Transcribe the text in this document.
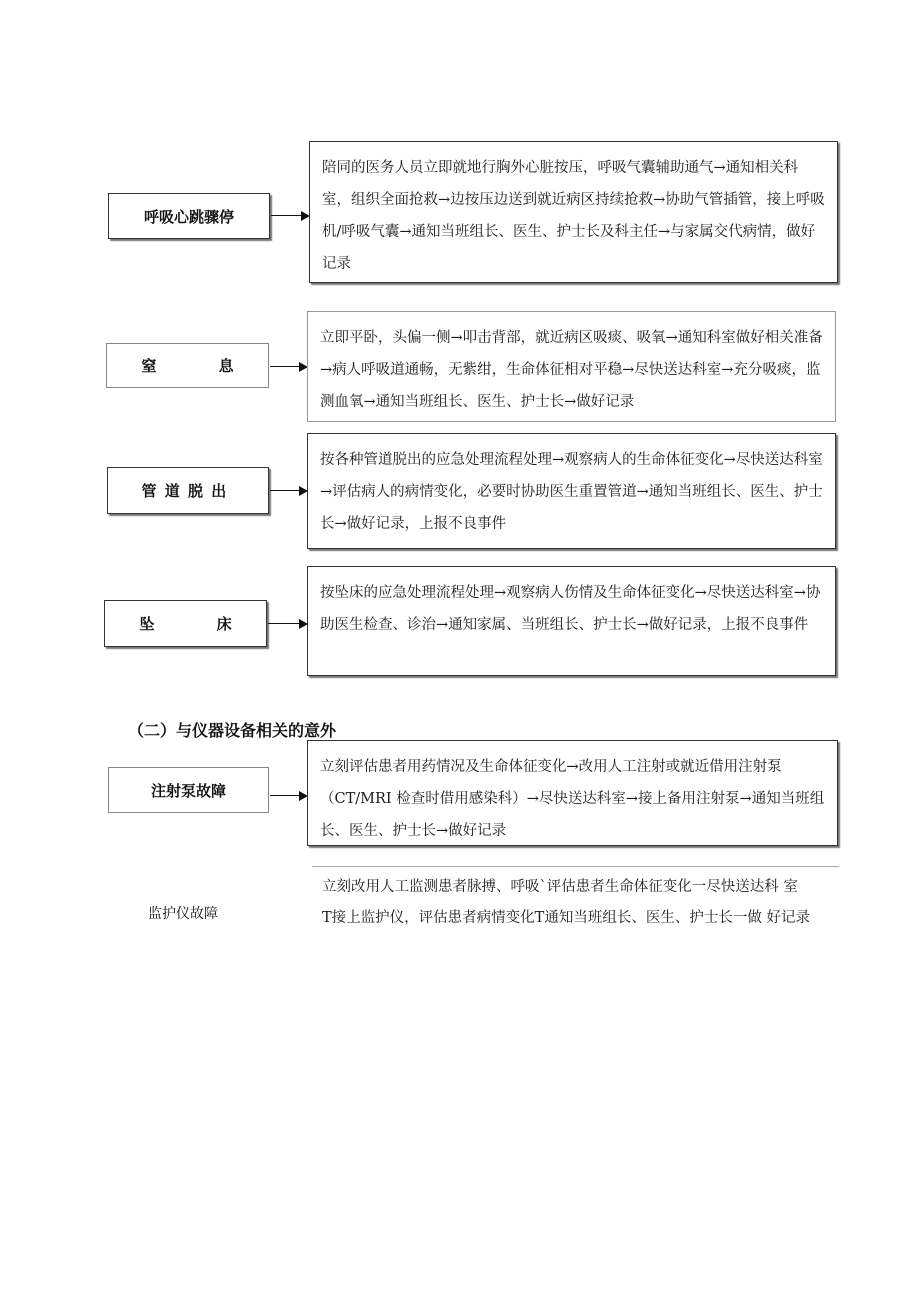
呼吸心跳骤停
陪同的医务人员立即就地行胸外心脏按压，呼吸气囊辅助通气→通知相关科室，组织全面抢救→边按压边送到就近病区持续抢救→协助气管插管，接上呼吸机/呼吸气囊→通知当班组长、医生、护士长及科主任→与家属交代病情，做好记录
窒 息
立即平卧，头偏一侧→叩击背部，就近病区吸痰、吸氧→通知科室做好相关准备→病人呼吸道通畅，无紫绀，生命体征相对平稳→尽快送达科室→充分吸痰，监测血氧→通知当班组长、医生、护士长→做好记录
管道脱出
按各种管道脱出的应急处理流程处理→观察病人的生命体征变化→尽快送达科室→评估病人的病情变化，必要时协助医生重置管道→通知当班组长、医生、护士长→做好记录，上报不良事件
坠 床
按坠床的应急处理流程处理→观察病人伤情及生命体征变化→尽快送达科室→协助医生检查、诊治→通知家属、当班组长、护士长→做好记录，上报不良事件
（二）与仪器设备相关的意外
注射泵故障
立刻评估患者用药情况及生命体征变化→改用人工注射或就近借用注射泵（CT/MRI 检查时借用感染科）→尽快送达科室→接上备用注射泵→通知当班组长、医生、护士长→做好记录
监护仪故障
立刻改用人工监测患者脉搏、呼吸`评估患者生命体征变化一尽快送达科 室
T接上监护仪，评估患者病情变化T通知当班组长、医生、护士长一做 好记录
